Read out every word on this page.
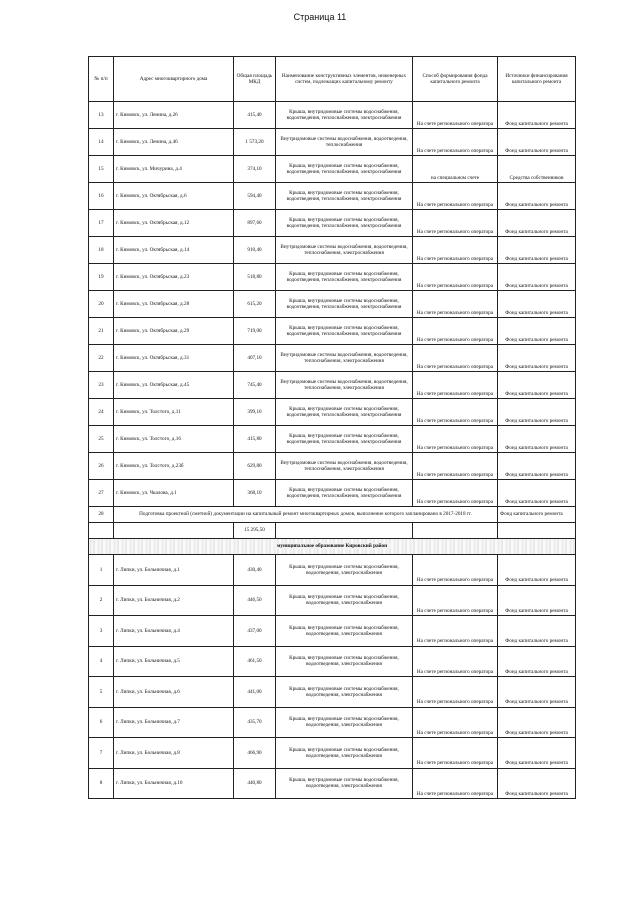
Страница 11
№ п/п	Адрес многоквартирного дома	Общая площадь МКД	Наименование конструктивных элементов, инженерных систем, подлежащих капитальному ремонту	Способ формирования фонда капитального ремонта	Источники финансирования капитального ремонта
13	г. Кимовск, ул. Ленина, д.26	415,40	Крыша, внутридомовые системы водоснабжения, водоотведения, теплоснабжения, электроснабжения	На счете регионального оператора	Фонд капитального ремонта
14	г. Кимовск, ул. Ленина, д.46	1 573,20	Внутридомовые системы водоснабжения, водоотведения, теплоснабжения	На счете регионального оператора	Фонд капитального ремонта
15	г. Кимовск, ул. Мичурина, д.4	374,10	Крыша, внутридомовые системы водоснабжения, водоотведения, теплоснабжения, электроснабжения	на специальном счете	Средства собственников
16	г. Кимовск, ул. Октябрьская, д.6	594,40	Крыша, внутридомовые системы водоснабжения, водоотведения, теплоснабжения, электроснабжения	На счете регионального оператора	Фонд капитального ремонта
17	г. Кимовск, ул. Октябрьская, д.12	897,60	Крыша, внутридомовые системы водоснабжения, водоотведения, теплоснабжения, электроснабжения	На счете регионального оператора	Фонд капитального ремонта
18	г. Кимовск, ул. Октябрьская, д.14	910,40	Внутридомовые системы водоснабжения, водоотведения, теплоснабжения, электроснабжения	На счете регионального оператора	Фонд капитального ремонта
19	г. Кимовск, ул. Октябрьская, д.23	518,80	Крыша, внутридомовые системы водоснабжения, водоотведения, теплоснабжения, электроснабжения	На счете регионального оператора	Фонд капитального ремонта
20	г. Кимовск, ул. Октябрьская, д.28	615,20	Крыша, внутридомовые системы водоснабжения, водоотведения, теплоснабжения, электроснабжения	На счете регионального оператора	Фонд капитального ремонта
21	г. Кимовск, ул. Октябрьская, д.29	719,00	Крыша, внутридомовые системы водоснабжения, водоотведения, теплоснабжения, электроснабжения	На счете регионального оператора	Фонд капитального ремонта
22	г. Кимовск, ул. Октябрьская, д.31	407,10	Внутридомовые системы водоснабжения, водоотведения, теплоснабжения, электроснабжения	На счете регионального оператора	Фонд капитального ремонта
23	г. Кимовск, ул. Октябрьская, д.45	745,40	Внутридомовые системы водоснабжения, водоотведения, теплоснабжения, электроснабжения	На счете регионального оператора	Фонд капитального ремонта
24	г. Кимовск, ул. Толстого, д.11	399,10	Крыша, внутридомовые системы водоснабжения, водоотведения, теплоснабжения, электроснабжения	На счете регионального оператора	Фонд капитального ремонта
25	г. Кимовск, ул. Толстого, д.16	415,80	Крыша, внутридомовые системы водоснабжения, водоотведения, теплоснабжения, электроснабжения	На счете регионального оператора	Фонд капитального ремонта
26	г. Кимовск, ул. Толстого, д.23б	629,80	Внутридомовые системы водоснабжения, водоотведения, теплоснабжения, электроснабжения	На счете регионального оператора	Фонд капитального ремонта
27	г. Кимовск, ул. Чкалова, д.1	368,10	Крыша, внутридомовые системы водоснабжения, водоотведения, теплоснабжения, электроснабжения	На счете регионального оператора	Фонд капитального ремонта
28	Подготовка проектной (сметной) документации на капитальный ремонт многоквартирных домов, выполнение которого запланировано в 2017-2018 гг.				Фонд капитального ремонта
		15 295,50			
муниципальное образование Кировский район					
1	г. Липки, ул. Больничная, д.1	430,40	Крыша, внутридомовые системы водоснабжения, водоотведения, электроснабжения	На счете регионального оператора	Фонд капитального ремонта
2	г. Липки, ул. Больничная, д.2	446,50	Крыша, внутридомовые системы водоснабжения, водоотведения, электроснабжения	На счете регионального оператора	Фонд капитального ремонта
3	г. Липки, ул. Больничная, д.4	437,00	Крыша, внутридомовые системы водоснабжения, водоотведения, электроснабжения	На счете регионального оператора	Фонд капитального ремонта
4	г. Липки, ул. Больничная, д.5	461,50	Крыша, внутридомовые системы водоснабжения, водоотведения, электроснабжения	На счете регионального оператора	Фонд капитального ремонта
5	г. Липки, ул. Больничная, д.6	441,00	Крыша, внутридомовые системы водоснабжения, водоотведения, электроснабжения	На счете регионального оператора	Фонд капитального ремонта
6	г. Липки, ул. Больничная, д.7	435,70	Крыша, внутридомовые системы водоснабжения, водоотведения, электроснабжения	На счете регионального оператора	Фонд капитального ремонта
7	г. Липки, ул. Больничная, д.8	466,90	Крыша, внутридомовые системы водоснабжения, водоотведения, электроснабжения	На счете регионального оператора	Фонд капитального ремонта
8	г. Липки, ул. Больничная, д.10	440,80	Крыша, внутридомовые системы водоснабжения, водоотведения, электроснабжения	На счете регионального оператора	Фонд капитального ремонта
